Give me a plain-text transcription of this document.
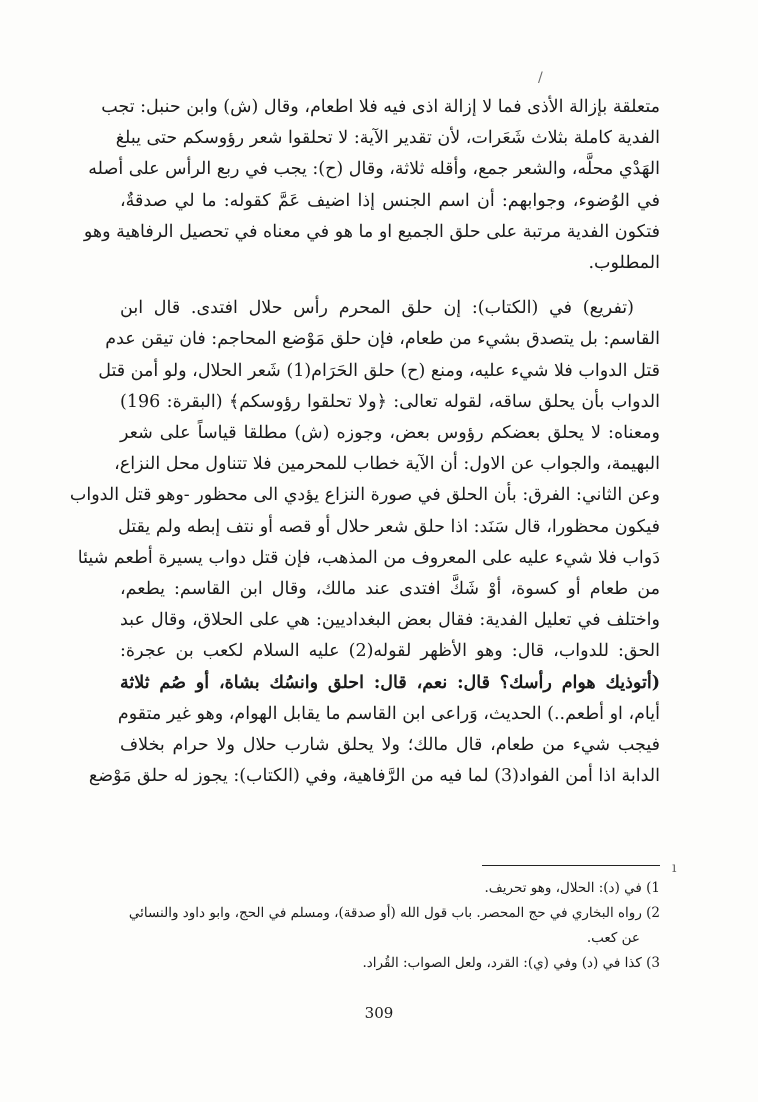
/
ı
متعلقة بإزالة الأذى فما لا إزالة اذى فيه فلا اطعام، وقال (ش) وابن حنبل: تجب
الفدية كاملة بثلاث شَعَرات، لأن تقدير الآية: لا تحلقوا شعر رؤوسكم حتى يبلغ
الهَدْي محلَّه، والشعر جمع، وأقله ثلاثة، وقال (ح): يجب في ربع الرأس على أصله
في الوُضوء، وجوابهم: أن اسم الجنس إذا اضيف عَمَّ كقوله: ما لي صدقةٌ،
فتكون الفدية مرتبة على حلق الجميع او ما هو في معناه في تحصيل الرفاهية وهو
المطلوب.
(تفريع) في (الكتاب): إن حلق المحرم رأس حلال افتدى. قال ابن
القاسم: بل يتصدق بشيء من طعام، فإن حلق مَوْضع المحاجم: فان تيقن عدم
قتل الدواب فلا شيء عليه، ومنع (ح) حلق الحَرَام(1) شَعر الحلال، ولو أمن قتل
الدواب بأن يحلق ساقه، لقوله تعالى: ﴿ولا تحلقوا رؤوسكم﴾ (البقرة: 196)
ومعناه: لا يحلق بعضكم رؤوس بعض، وجوزه (ش) مطلقا قياساً على شعر
البهيمة، والجواب عن الاول: أن الآية خطاب للمحرمين فلا تتناول محل النزاع،
وعن الثاني: الفرق: بأن الحلق في صورة النزاع يؤدي الى محظور -وهو قتل الدواب
فيكون محظورا، قال سَنَد: اذا حلق شعر حلال أو قصه أو نتف إبطه ولم يقتل
دَواب فلا شيء عليه على المعروف من المذهب، فإن قتل دواب يسيرة أطعم شيئا
من طعام أو كسوة، أوْ شَكَّ افتدى عند مالك، وقال ابن القاسم: يطعم،
واختلف في تعليل الفدية: فقال بعض البغداديين: هي على الحلاق، وقال عبد
الحق: للدواب، قال: وهو الأظهر لقوله(2) عليه السلام لكعب بن عجرة:
(أتوذيك هوام رأسك؟ قال: نعم، قال: احلق وانسُك بشاة، أو صُم ثلاثة
أيام، او أطعم..) الحديث، وَراعى ابن القاسم ما يقابل الهوام، وهو غير متقوم
فيجب شيء من طعام، قال مالك؛ ولا يحلق شارب حلال ولا حرام بخلاف
الدابة اذا أمن الفواد(3) لما فيه من الرَّفاهية، وفي (الكتاب): يجوز له حلق مَوْضع
1) في (د): الحلال، وهو تحريف.
2) رواه البخاري في حج المحصر. باب قول الله (أو صدقة)، ومسلم في الحج، وابو داود والنسائي
عن كعب.
3) كذا في (د) وفي (ي): القرد، ولعل الصواب: القُراد.
309
